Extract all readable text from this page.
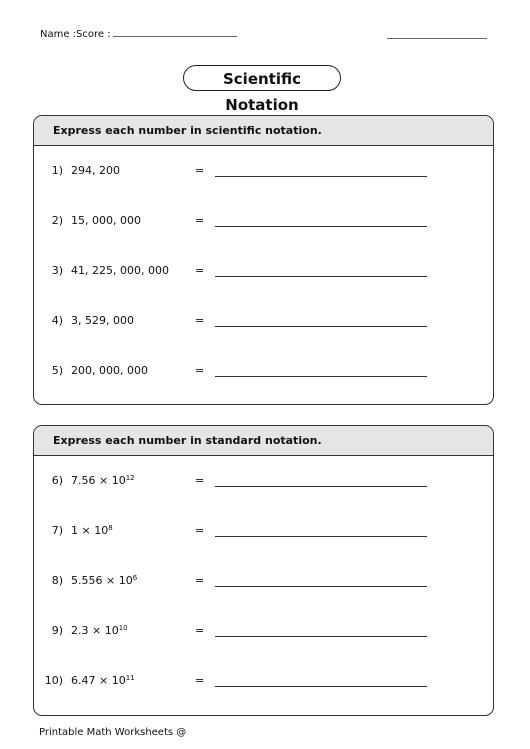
Name :Score :
Scientific Notation
Express each number in scientific notation.
1) 294, 200	=
2) 15, 000, 000	=
3) 41, 225, 000, 000 =
4) 3, 529, 000	=
5) 200, 000, 000	=
Express each number in standard notation.
6) $7.56 \times 10^{12}$	=
7) $1 \times 10^8$	=
8) $5.556 \times 10^6$	=
9) $2.3 \times 10^{10}$	=
10) $6.47 \times 10^{11}$	=
Printable Math Worksheets @
